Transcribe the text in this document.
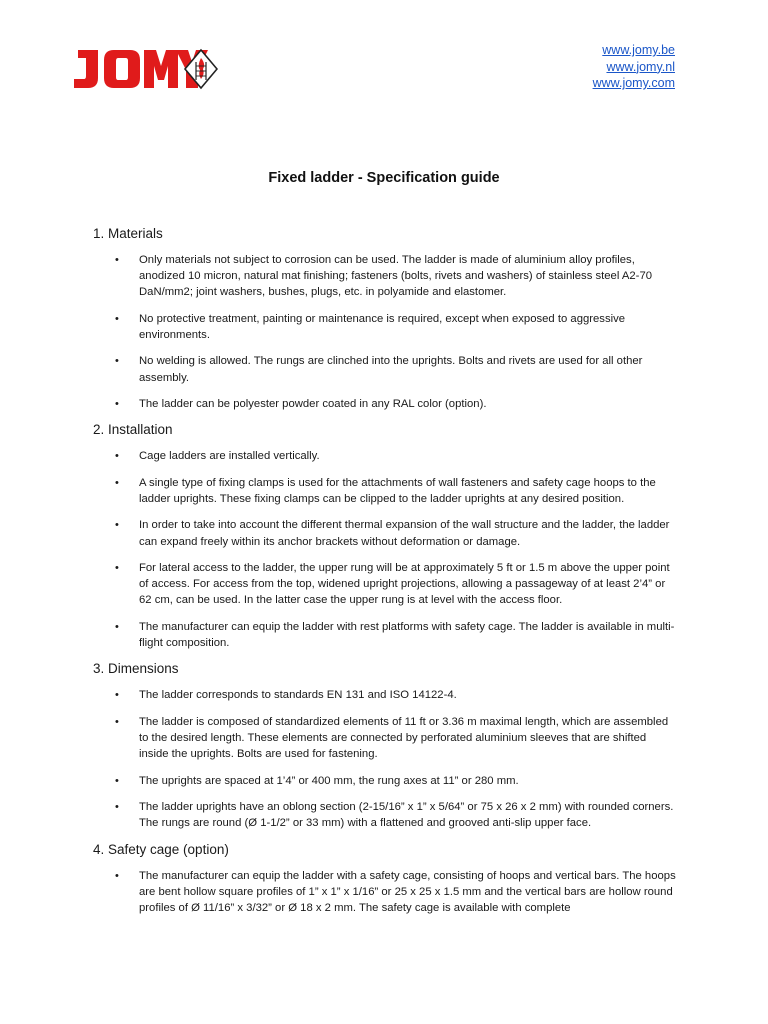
www.jomy.be
www.jomy.nl
www.jomy.com
Fixed ladder - Specification guide
1. Materials
• Only materials not subject to corrosion can be used. The ladder is made of aluminium alloy profiles, anodized 10 micron, natural mat finishing; fasteners (bolts, rivets and washers) of stainless steel A2-70 DaN/mm2; joint washers, bushes, plugs, etc. in polyamide and elastomer.
• No protective treatment, painting or maintenance is required, except when exposed to aggressive environments.
• No welding is allowed. The rungs are clinched into the uprights. Bolts and rivets are used for all other assembly.
• The ladder can be polyester powder coated in any RAL color (option).
2. Installation
• Cage ladders are installed vertically.
• A single type of fixing clamps is used for the attachments of wall fasteners and safety cage hoops to the ladder uprights. These fixing clamps can be clipped to the ladder uprights at any desired position.
• In order to take into account the different thermal expansion of the wall structure and the ladder, the ladder can expand freely within its anchor brackets without deformation or damage.
• For lateral access to the ladder, the upper rung will be at approximately 5 ft or 1.5 m above the upper point of access. For access from the top, widened upright projections, allowing a passageway of at least 2’4” or 62 cm, can be used. In the latter case the upper rung is at level with the access floor.
• The manufacturer can equip the ladder with rest platforms with safety cage. The ladder is available in multi-flight composition.
3. Dimensions
• The ladder corresponds to standards EN 131 and ISO 14122-4.
• The ladder is composed of standardized elements of 11 ft or 3.36 m maximal length, which are assembled to the desired length. These elements are connected by perforated aluminium sleeves that are shifted inside the uprights. Bolts are used for fastening.
• The uprights are spaced at 1’4” or 400 mm, the rung axes at 11” or 280 mm.
• The ladder uprights have an oblong section (2-15/16” x 1” x 5/64” or 75 x 26 x 2 mm) with rounded corners. The rungs are round (Ø 1-1/2” or 33 mm) with a flattened and grooved anti-slip upper face.
4. Safety cage (option)
• The manufacturer can equip the ladder with a safety cage, consisting of hoops and vertical bars. The hoops are bent hollow square profiles of 1” x 1” x 1/16” or 25 x 25 x 1.5 mm and the vertical bars are hollow round profiles of Ø 11/16” x 3/32” or Ø 18 x 2 mm. The safety cage is available with complete
